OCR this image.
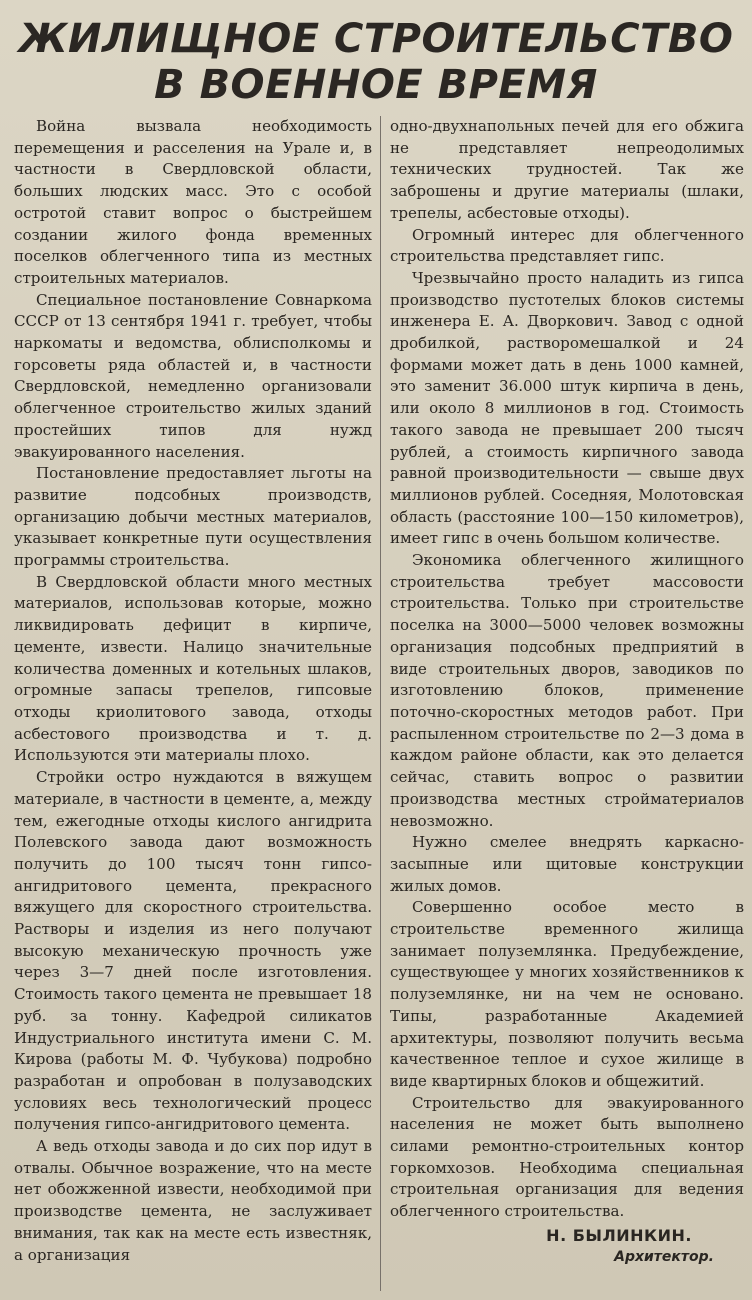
ЖИЛИЩНОЕ СТРОИТЕЛЬСТВО
В ВОЕННОЕ ВРЕМЯ

Война вызвала необходимость перемещения и расселения на Урале и, в частности в Свердловской области, больших людских масс. Это с особой остротой ставит вопрос о быстрейшем создании жилого фонда временных поселков облегченного типа из местных строительных материалов.

Специальное постановление Совнаркома СССР от 13 сентября 1941 г. требует, чтобы наркоматы и ведомства, облисполкомы и горсоветы ряда областей и, в частности Свердловской, немедленно организовали облегченное строительство жилых зданий простейших типов для нужд эвакуированного населения.

Постановление предоставляет льготы на развитие подсобных производств, организацию добычи местных материалов, указывает конкретные пути осуществления программы строительства.

В Свердловской области много местных материалов, использовав которые, можно ликвидировать дефицит в кирпиче, цементе, извести. Налицо значительные количества доменных и котельных шлаков, огромные запасы трепелов, гипсовые отходы криолитового завода, отходы асбестового производства и т. д. Используются эти материалы плохо.

Стройки остро нуждаются в вяжущем материале, в частности в цементе, а, между тем, ежегодные отходы кислого ангидрита Полевского завода дают возможность получить до 100 тысяч тонн гипсо-ангидритового цемента, прекрасного вяжущего для скоростного строительства. Растворы и изделия из него получают высокую механическую прочность уже через 3—7 дней после изготовления. Стоимость такого цемента не превышает 18 руб. за тонну. Кафедрой силикатов Индустриального института имени С. М. Кирова (работы М. Ф. Чубукова) подробно разработан и опробован в полузаводских условиях весь технологический процесс получения гипсо-ангидритового цемента.

А ведь отходы завода и до сих пор идут в отвалы. Обычное возражение, что на месте нет обожженной извести, необходимой при производстве цемента, не заслуживает внимания, так как на месте есть известняк, а организация

одно-двухнапольных печей для его обжига не представляет непреодолимых технических трудностей. Так же заброшены и другие материалы (шлаки, трепелы, асбестовые отходы).

Огромный интерес для облегченного строительства представляет гипс.

Чрезвычайно просто наладить из гипса производство пустотелых блоков системы инженера Е. А. Дворкович. Завод с одной дробилкой, растворомешалкой и 24 формами может дать в день 1000 камней, это заменит 36.000 штук кирпича в день, или около 8 миллионов в год. Стоимость такого завода не превышает 200 тысяч рублей, а стоимость кирпичного завода равной производительности — свыше двух миллионов рублей. Соседняя, Молотовская область (расстояние 100—150 километров), имеет гипс в очень большом количестве.

Экономика облегченного жилищного строительства требует массовости строительства. Только при строительстве поселка на 3000—5000 человек возможны организация подсобных предприятий в виде строительных дворов, заводиков по изготовлению блоков, применение поточно-скоростных методов работ. При распыленном строительстве по 2—3 дома в каждом районе области, как это делается сейчас, ставить вопрос о развитии производства местных стройматериалов невозможно.

Нужно смелее внедрять каркасно-засыпные или щитовые конструкции жилых домов.

Совершенно особое место в строительстве временного жилища занимает полуземлянка. Предубеждение, существующее у многих хозяйственников к полуземлянке, ни на чем не основано. Типы, разработанные Академией архитектуры, позволяют получить весьма качественное теплое и сухое жилище в виде квартирных блоков и общежитий.

Строительство для эвакуированного населения не может быть выполнено силами ремонтно-строительных контор горкомхозов. Необходима специальная строительная организация для ведения облегченного строительства.

Н. БЫЛИНКИН.
Архитектор.
